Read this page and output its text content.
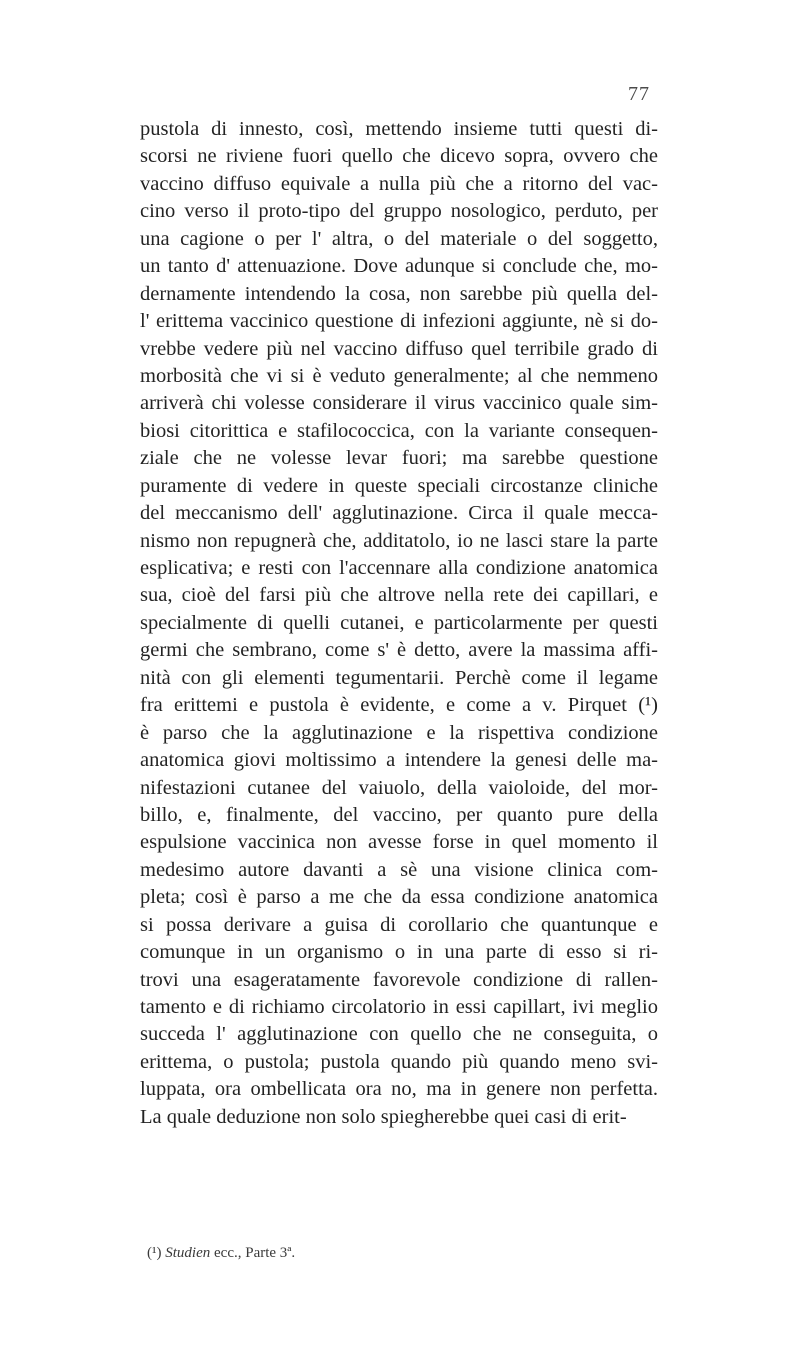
77
pustola di innesto, così, mettendo insieme tutti questi di-
scorsi ne riviene fuori quello che dicevo sopra, ovvero che
vaccino diffuso equivale a nulla più che a ritorno del vac-
cino verso il proto-tipo del gruppo nosologico, perduto, per
una cagione o per l' altra, o del materiale o del soggetto,
un tanto d' attenuazione. Dove adunque si conclude che, mo-
dernamente intendendo la cosa, non sarebbe più quella del-
l' erittema vaccinico questione di infezioni aggiunte, nè si do-
vrebbe vedere più nel vaccino diffuso quel terribile grado di
morbosità che vi si è veduto generalmente; al che nemmeno
arriverà chi volesse considerare il virus vaccinico quale sim-
biosi citorittica e stafilococcica, con la variante consequen-
ziale che ne volesse levar fuori; ma sarebbe questione
puramente di vedere in queste speciali circostanze cliniche
del meccanismo dell' agglutinazione. Circa il quale mecca-
nismo non repugnerà che, additatolo, io ne lasci stare la parte
esplicativa; e resti con l'accennare alla condizione anatomica
sua, cioè del farsi più che altrove nella rete dei capillari, e
specialmente di quelli cutanei, e particolarmente per questi
germi che sembrano, come s' è detto, avere la massima affi-
nità con gli elementi tegumentarii. Perchè come il legame
fra erittemi e pustola è evidente, e come a v. Pirquet (¹)
è parso che la agglutinazione e la rispettiva condizione
anatomica giovi moltissimo a intendere la genesi delle ma-
nifestazioni cutanee del vaiuolo, della vaioloide, del mor-
billo, e, finalmente, del vaccino, per quanto pure della
espulsione vaccinica non avesse forse in quel momento il
medesimo autore davanti a sè una visione clinica com-
pleta; così è parso a me che da essa condizione anatomica
si possa derivare a guisa di corollario che quantunque e
comunque in un organismo o in una parte di esso si ri-
trovi una esageratamente favorevole condizione di rallen-
tamento e di richiamo circolatorio in essi capillart, ivi meglio
succeda l' agglutinazione con quello che ne conseguita, o
erittema, o pustola; pustola quando più quando meno svi-
luppata, ora ombellicata ora no, ma in genere non perfetta.
La quale deduzione non solo spiegherebbe quei casi di erit-
(¹) Studien ecc., Parte 3ª.
